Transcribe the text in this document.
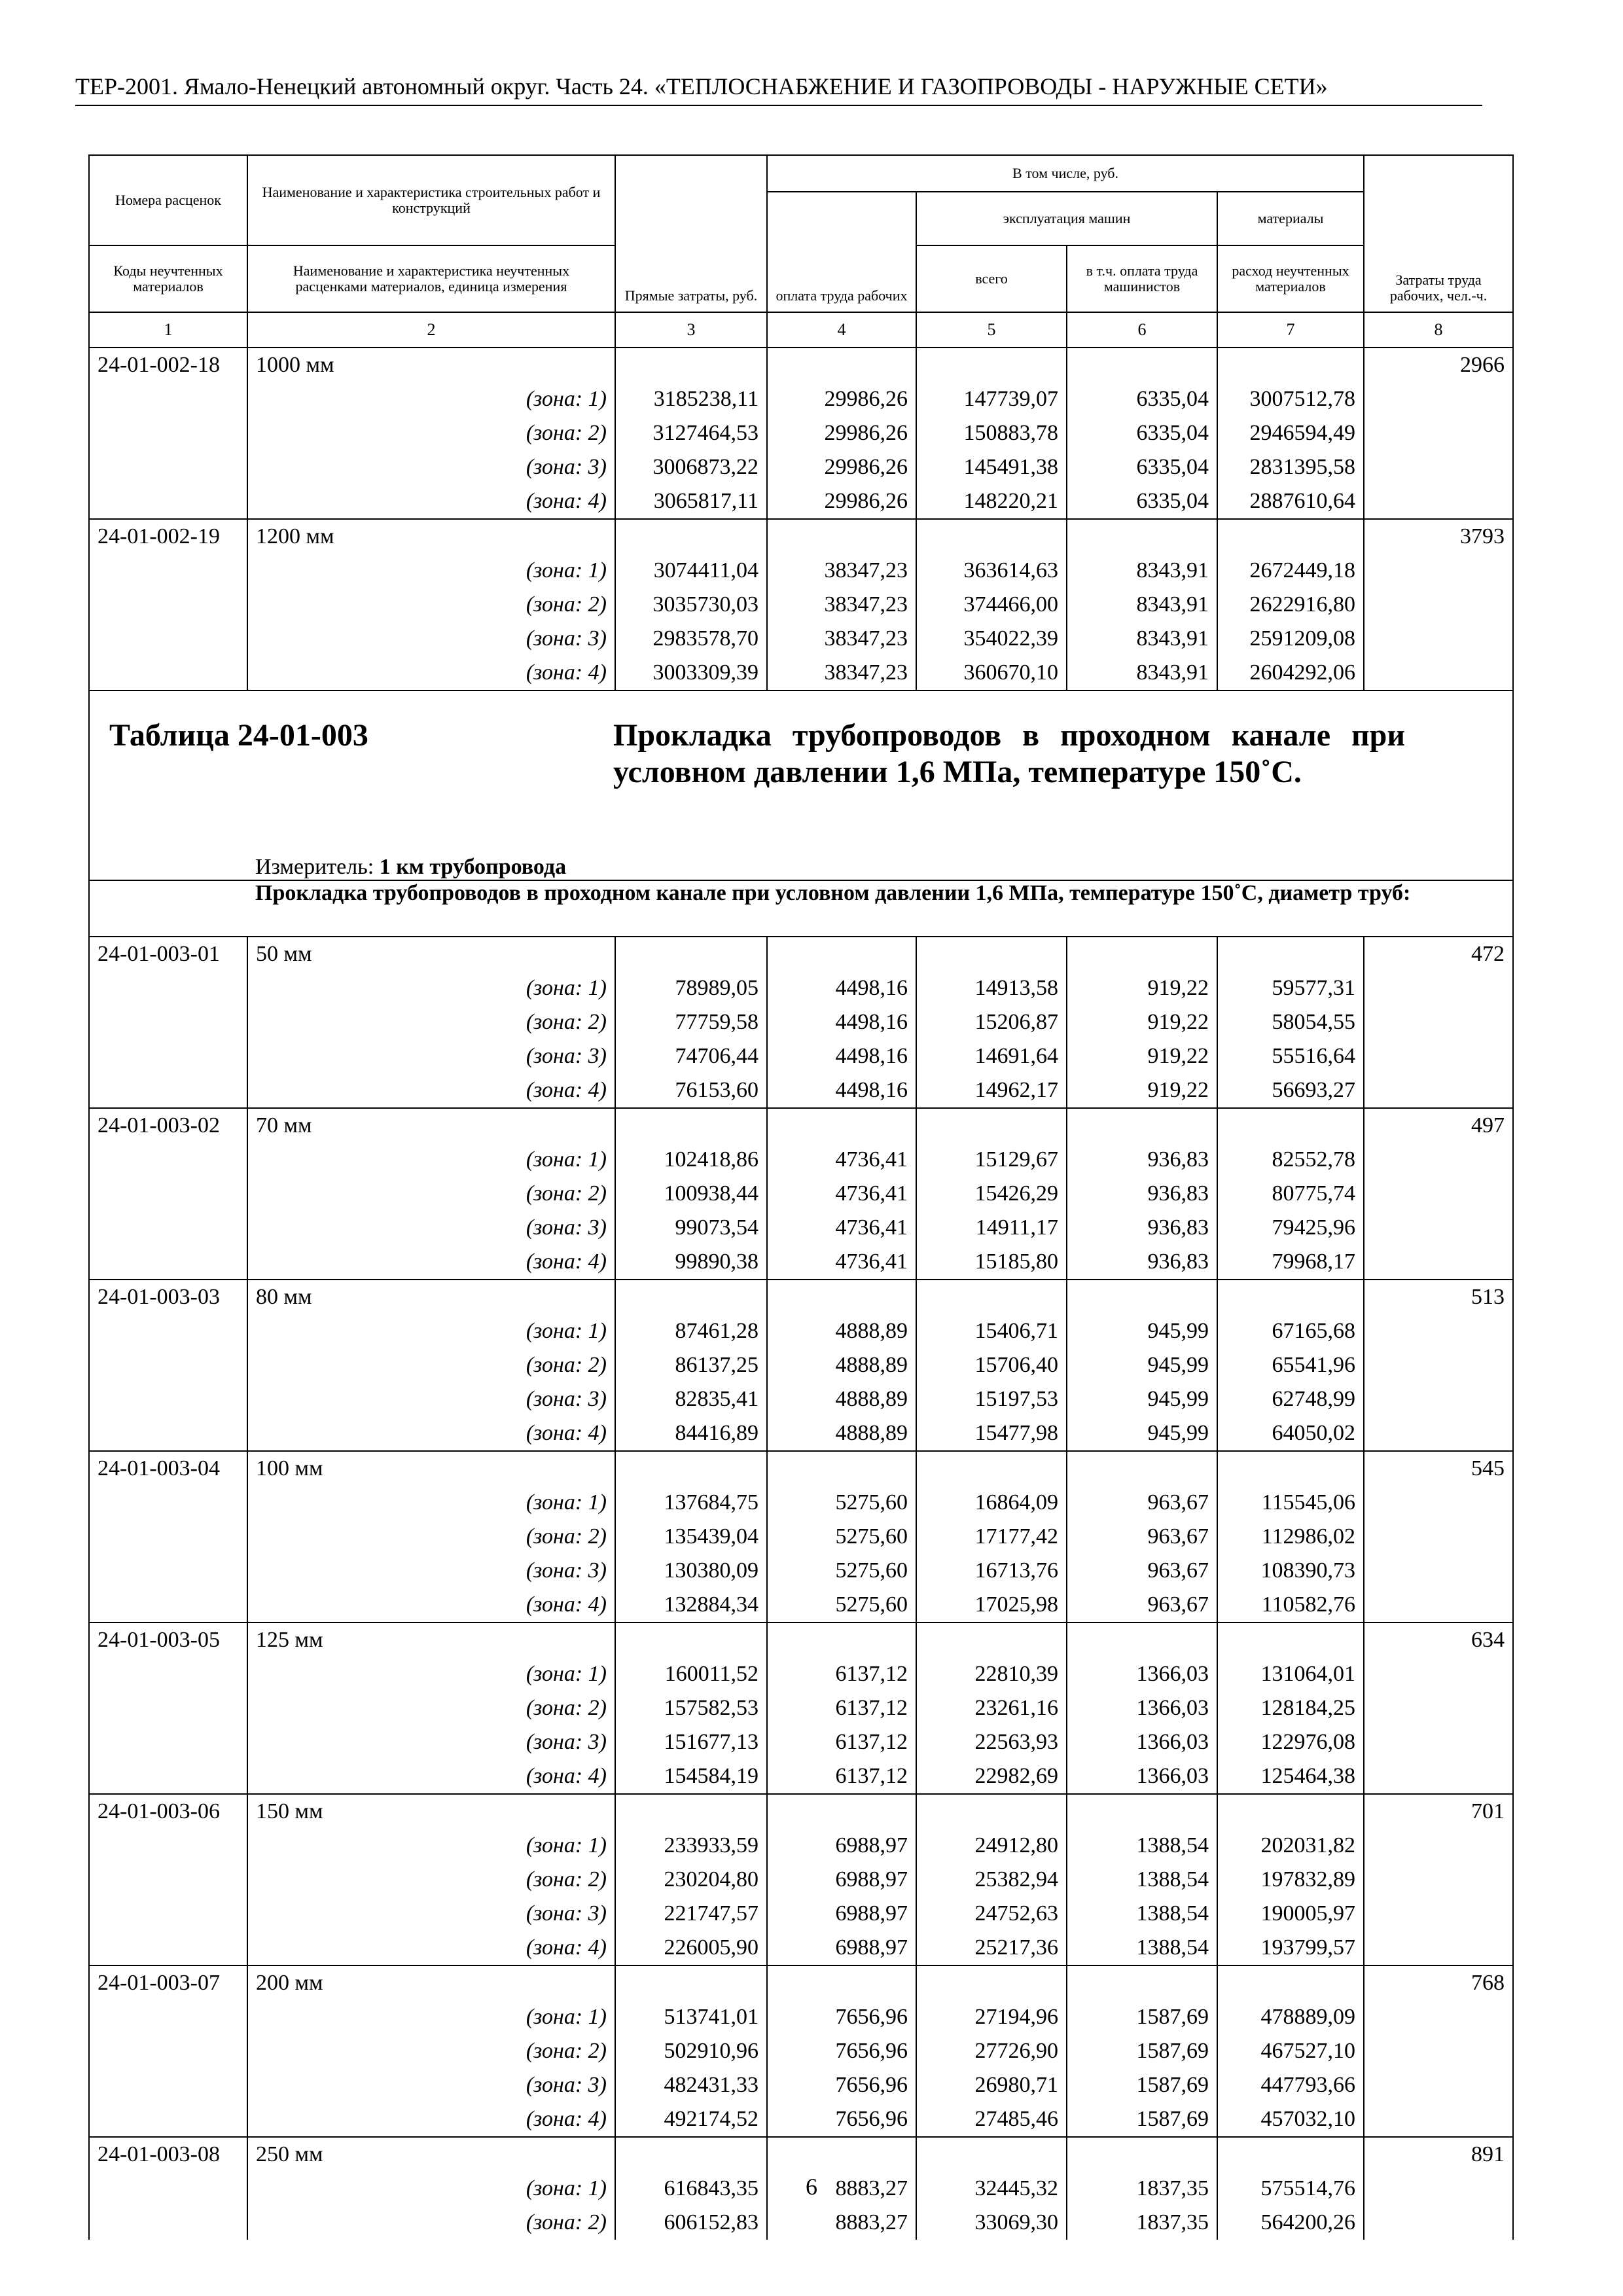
ТЕР-2001. Ямало-Ненецкий автономный округ. Часть 24. «ТЕПЛОСНАБЖЕНИЕ И ГАЗОПРОВОДЫ - НАРУЖНЫЕ СЕТИ»
Номера расценок	Наименование и характеристика строительных работ и конструкций	Прямые затраты, руб.	В том числе, руб.				Затраты труда рабочих, чел.-ч.
			оплата труда рабочих	эксплуатация машин		материалы	
Коды неучтенных материалов	Наименование и характеристика неучтенных расценками материалов, единица измерения			всего	в т.ч. оплата труда машинистов	расход неучтенных материалов	
1	2	3	4	5	6	7	8
24-01-002-18	1000 мм						2966
	(зона: 1)	3185238,11	29986,26	147739,07	6335,04	3007512,78	
	(зона: 2)	3127464,53	29986,26	150883,78	6335,04	2946594,49	
	(зона: 3)	3006873,22	29986,26	145491,38	6335,04	2831395,58	
	(зона: 4)	3065817,11	29986,26	148220,21	6335,04	2887610,64	
24-01-002-19	1200 мм						3793
	(зона: 1)	3074411,04	38347,23	363614,63	8343,91	2672449,18	
	(зона: 2)	3035730,03	38347,23	374466,00	8343,91	2622916,80	
	(зона: 3)	2983578,70	38347,23	354022,39	8343,91	2591209,08	
	(зона: 4)	3003309,39	38347,23	360670,10	8343,91	2604292,06	

Таблица 24-01-003 Прокладка трубопроводов в проходном канале при условном давлении 1,6 МПа, температуре 150˚С.							

	Измеритель: 1 км трубопровода						
	Прокладка трубопроводов в проходном канале при условном давлении 1,6 МПа, температуре 150˚С, диаметр труб:						
24-01-003-01	50 мм						472
	(зона: 1)	78989,05	4498,16	14913,58	919,22	59577,31	
	(зона: 2)	77759,58	4498,16	15206,87	919,22	58054,55	
	(зона: 3)	74706,44	4498,16	14691,64	919,22	55516,64	
	(зона: 4)	76153,60	4498,16	14962,17	919,22	56693,27	
24-01-003-02	70 мм						497
	(зона: 1)	102418,86	4736,41	15129,67	936,83	82552,78	
	(зона: 2)	100938,44	4736,41	15426,29	936,83	80775,74	
	(зона: 3)	99073,54	4736,41	14911,17	936,83	79425,96	
	(зона: 4)	99890,38	4736,41	15185,80	936,83	79968,17	
24-01-003-03	80 мм						513
	(зона: 1)	87461,28	4888,89	15406,71	945,99	67165,68	
	(зона: 2)	86137,25	4888,89	15706,40	945,99	65541,96	
	(зона: 3)	82835,41	4888,89	15197,53	945,99	62748,99	
	(зона: 4)	84416,89	4888,89	15477,98	945,99	64050,02	
24-01-003-04	100 мм						545
	(зона: 1)	137684,75	5275,60	16864,09	963,67	115545,06	
	(зона: 2)	135439,04	5275,60	17177,42	963,67	112986,02	
	(зона: 3)	130380,09	5275,60	16713,76	963,67	108390,73	
	(зона: 4)	132884,34	5275,60	17025,98	963,67	110582,76	
24-01-003-05	125 мм						634
	(зона: 1)	160011,52	6137,12	22810,39	1366,03	131064,01	
	(зона: 2)	157582,53	6137,12	23261,16	1366,03	128184,25	
	(зона: 3)	151677,13	6137,12	22563,93	1366,03	122976,08	
	(зона: 4)	154584,19	6137,12	22982,69	1366,03	125464,38	
24-01-003-06	150 мм						701
	(зона: 1)	233933,59	6988,97	24912,80	1388,54	202031,82	
	(зона: 2)	230204,80	6988,97	25382,94	1388,54	197832,89	
	(зона: 3)	221747,57	6988,97	24752,63	1388,54	190005,97	
	(зона: 4)	226005,90	6988,97	25217,36	1388,54	193799,57	
24-01-003-07	200 мм						768
	(зона: 1)	513741,01	7656,96	27194,96	1587,69	478889,09	
	(зона: 2)	502910,96	7656,96	27726,90	1587,69	467527,10	
	(зона: 3)	482431,33	7656,96	26980,71	1587,69	447793,66	
	(зона: 4)	492174,52	7656,96	27485,46	1587,69	457032,10	
24-01-003-08	250 мм						891
	(зона: 1)	616843,35	8883,27	32445,32	1837,35	575514,76	
	(зона: 2)	606152,83	8883,27	33069,30	1837,35	564200,26	
6
